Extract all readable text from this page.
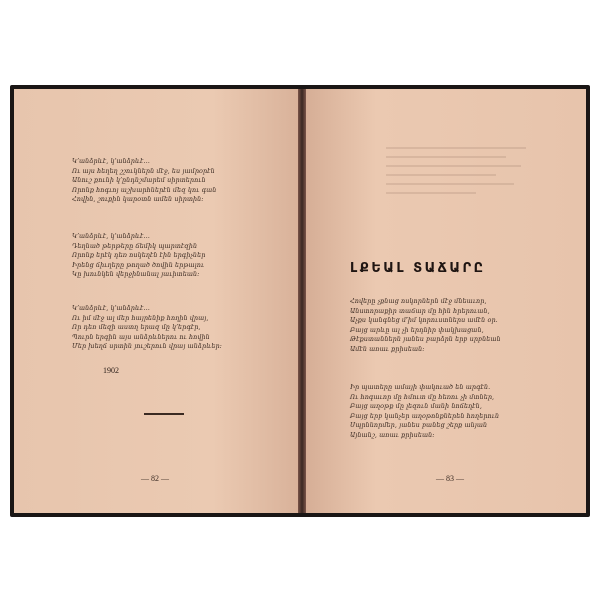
Կ՚անձրևէ, կ՚անձրևէ…
Ու այս հեղեղ շշուկներն մէջ, ես յամրօրէն
Անուշ քունի կ՚ընդնշմարեմ սիրտերուն
Որոնք հոգւոյ աշխարհներէն մեզ կու գան
Հովին, շուքին կարօտն ամեն սիրտին։
Կ՚անձրևէ, կ՚անձրևէ…
Դեղնած թերթերը ճեմիկ պարտէզին
Որոնք երէկ դեռ ոսկեղէն էին երգիչներ
Իրենց ճիւղերը թողած ծովին երթալու
Կը խունկեն վերջինանալ յաւիտեան։
Կ՚անձրևէ, կ՚անձրևէ…
Ու իմ մէջ ալ մեր հայրենիք հողին վրայ,
Որ դեռ մեզի աստղ երազ մը կ՚երգէր,
Պուրն երգին այս անձրևներու ու հովին
Մեր խեղճ սրտին յուշերուն վրայ անձրևեր։
1902
— 82 —
ԼՔԵԱԼ ՏԱՃԱՐԸ
Հովերը չքնաց ոսկորներն մէջ մնեաւոր,
Անստորաքիր տաճար մը հին հրերուան,
Աչքս կանգնեց մ՚իմ կորուստներս ամէն օր.
Բայց արևը ալ չի երդնիր փակխացան,
Թէքստաններն յանես բարձրն երբ սրբնեան
Ամէն առաւ քրիսեան։
Իր պատերը ամայի փակուած են արգէն.
Ու հոգաւոր մը հմուտ մը հեռու չի մտներ,
Բայց աղօթք մը լեզուն մանի նոճեղէն,
Բայց երբ կանչեր աղօթոնքներեն հողերուն
Սպրննորմեր, յանես բանեց շերք անյան
Այնանշ, առաւ քրիսեան։
— 83 —
